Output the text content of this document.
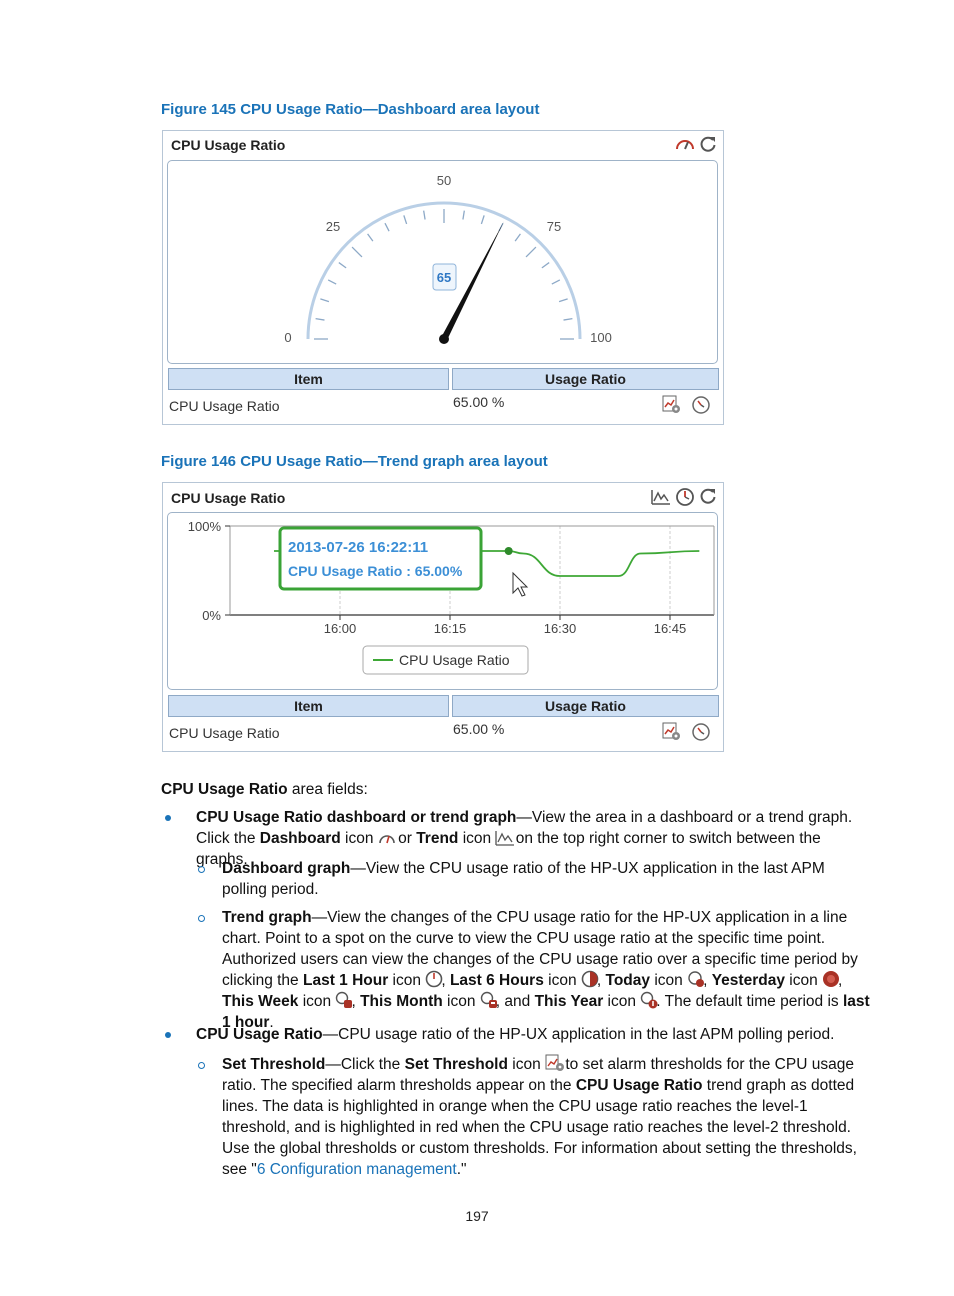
Figure 145 CPU Usage Ratio—Dashboard area layout
CPU Usage Ratio
0
25
50
75
100
65
Item	Usage Ratio
CPU Usage Ratio	65.00 %
Figure 146 CPU Usage Ratio—Trend graph area layout
CPU Usage Ratio
16:00	16:15	16:30	16:45
100%
0%
2013-07-26 16:22:11
CPU Usage Ratio : 65.00%
CPU Usage Ratio
Item	Usage Ratio
CPU Usage Ratio	65.00 %
CPU Usage Ratio area fields:
CPU Usage Ratio dashboard or trend graph—View the area in a dashboard or a trend graph. Click the Dashboard icon  or Trend icon  on the top right corner to switch between the graphs.
Dashboard graph—View the CPU usage ratio of the HP-UX application in the last APM polling period.
Trend graph—View the changes of the CPU usage ratio for the HP-UX application in a line chart. Point to a spot on the curve to view the CPU usage ratio at the specific time point. Authorized users can view the changes of the CPU usage ratio over a specific time period by clicking the Last 1 Hour icon , Last 6 Hours icon , Today icon , Yesterday icon , This Week icon , This Month icon , and This Year icon . The default time period is last 1 hour.
CPU Usage Ratio—CPU usage ratio of the HP-UX application in the last APM polling period.
Set Threshold—Click the Set Threshold icon  to set alarm thresholds for the CPU usage ratio. The specified alarm thresholds appear on the CPU Usage Ratio trend graph as dotted lines. The data is highlighted in orange when the CPU usage ratio reaches the level-1 threshold, and is highlighted in red when the CPU usage ratio reaches the level-2 threshold. Use the global thresholds or custom thresholds. For information about setting the thresholds, see "6 Configuration management."
197
